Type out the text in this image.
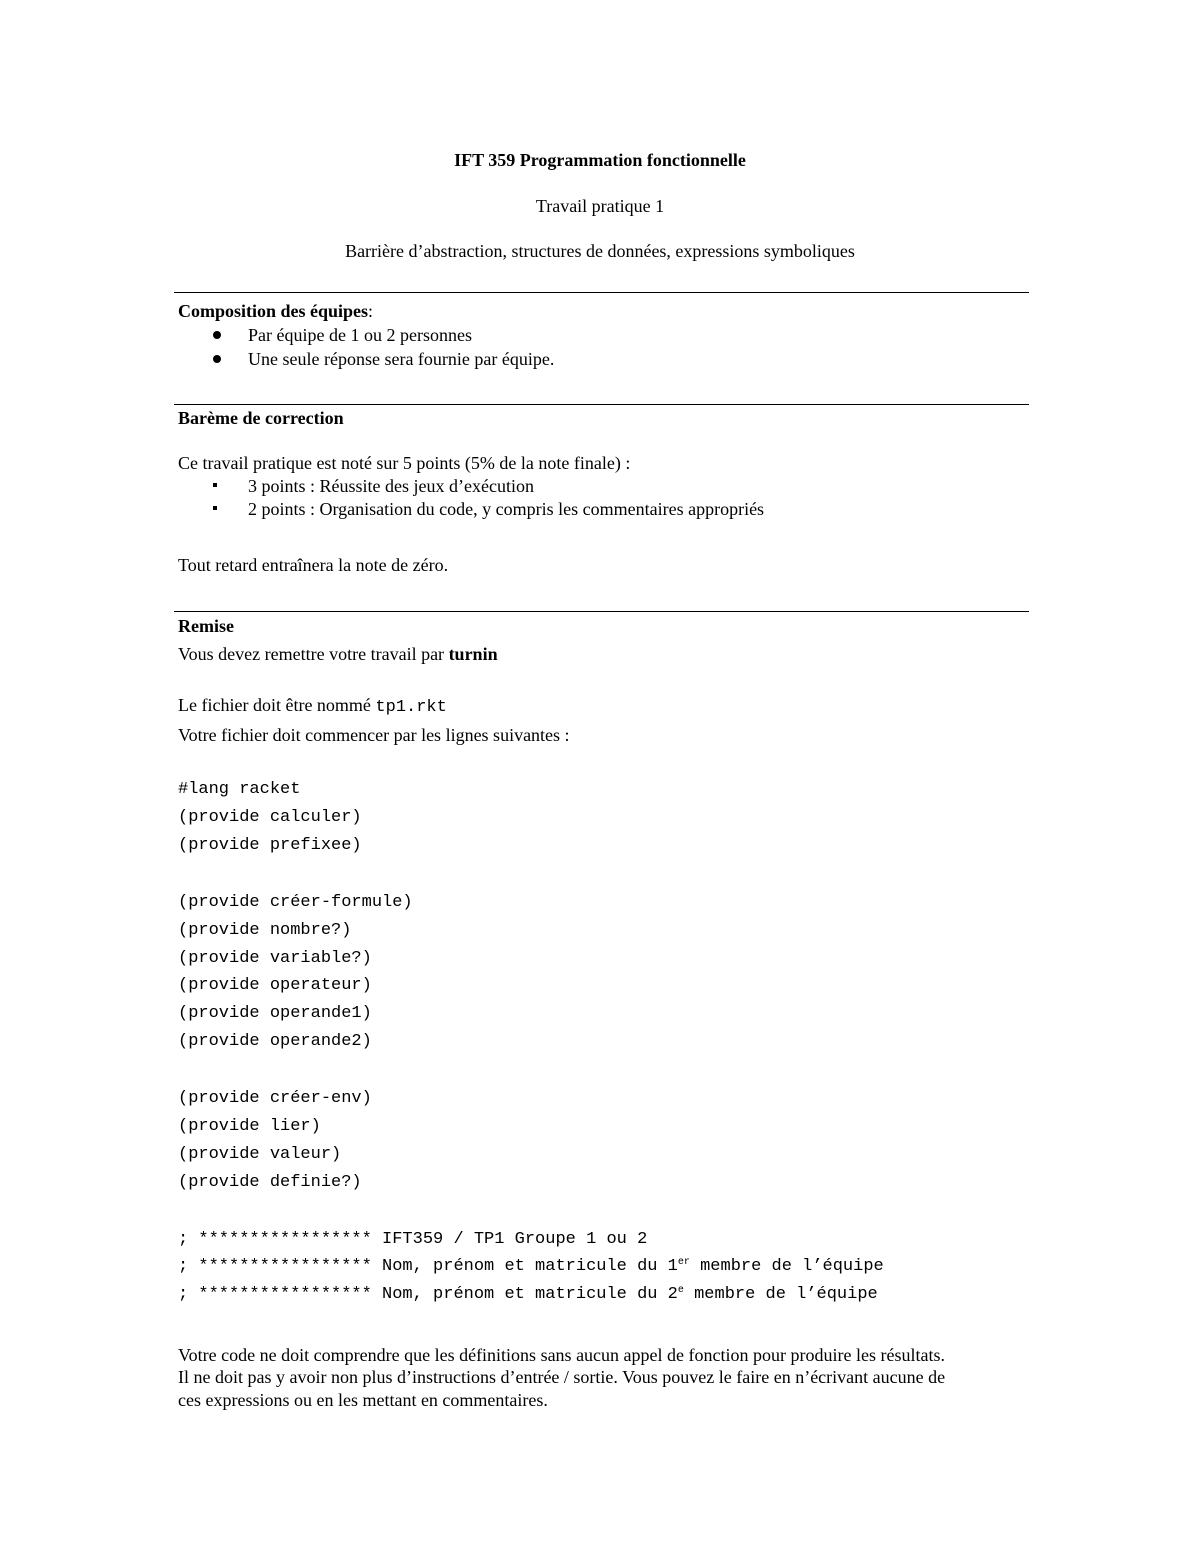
IFT 359 Programmation fonctionnelle
Travail pratique 1
Barrière d’abstraction, structures de données, expressions symboliques
Composition des équipes:
Par équipe de 1 ou 2 personnes
Une seule réponse sera fournie par équipe.
Barème de correction
Ce travail pratique est noté sur 5 points (5% de la note finale) :
3 points : Réussite des jeux d’exécution
2 points : Organisation du code, y compris les commentaires appropriés
Tout retard entraînera la note de zéro.
Remise
Vous devez remettre votre travail par turnin
Le fichier doit être nommé tp1.rkt
Votre fichier doit commencer par les lignes suivantes :
#lang racket
(provide calculer)
(provide prefixee)
(provide créer-formule)
(provide nombre?)
(provide variable?)
(provide operateur)
(provide operande1)
(provide operande2)
(provide créer-env)
(provide lier)
(provide valeur)
(provide definie?)
; ***************** IFT359 / TP1 Groupe 1 ou 2
; ***************** Nom, prénom et matricule du 1er membre de l’équipe
; ***************** Nom, prénom et matricule du 2e membre de l’équipe
Votre code ne doit comprendre que les définitions sans aucun appel de fonction pour produire les résultats.
Il ne doit pas y avoir non plus d’instructions d’entrée / sortie. Vous pouvez le faire en n’écrivant aucune de
ces expressions ou en les mettant en commentaires.
